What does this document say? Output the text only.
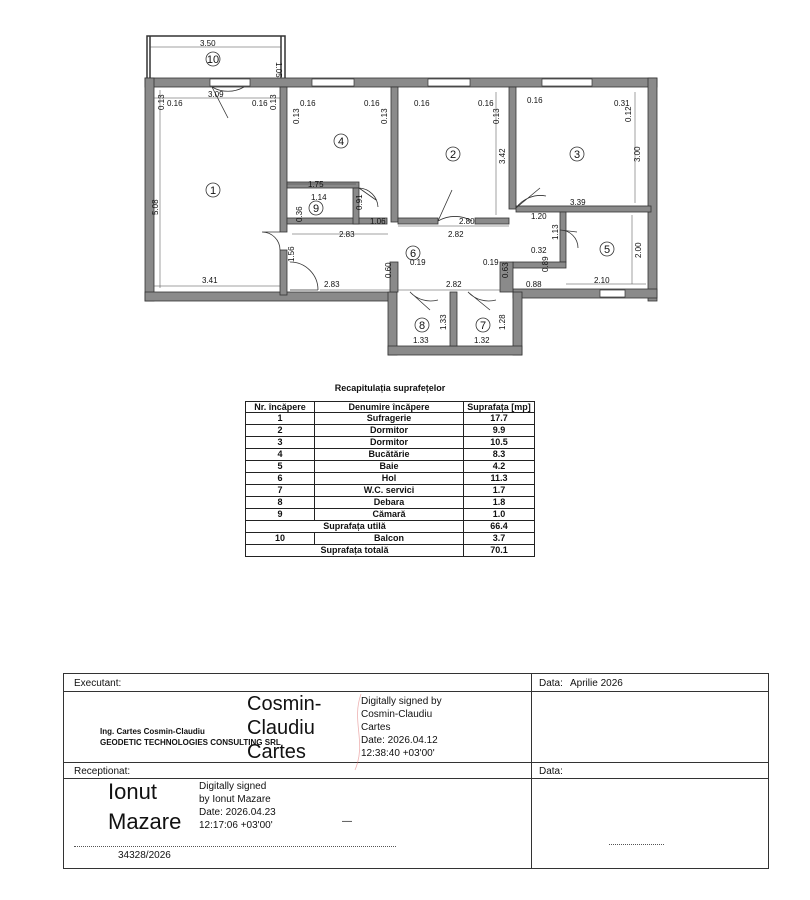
1
2	3
4
5
6
7
8
9
10
3.50
1.05
3.09
0.16	0.16
0.13	0.13	0.16	0.16
0.13	0.13
0.16	0.16
0.13
3.42
0.16	0.31
0.12
3.00
5.08
1.75
1.14	0.91
0.36	1.06
2.83
2.80
2.82
1.20
3.39
1.13
0.32	2.00
1.56
0.89
3.41
0.60 0.19	0.19 0.63
0.88	2.10
2.83	2.82
1.33	1.28
1.33	1.32
Recapitulația suprafețelor
Nr. încăpere	Denumire încăpere	Suprafața [mp]
1	Sufragerie	17.7
2	Dormitor	9.9
3	Dormitor	10.5
4	Bucătărie	8.3
5	Baie	4.2
6	Hol	11.3
7	W.C. servici	1.7
8	Debara	1.8
9	Cămară	1.0
Suprafața utilă		66.4
10	Balcon	3.7
Suprafața totală		70.1
Executant:	Data: Aprilie 2026
Ing. Cartes Cosmin-Claudiu
GEODETIC TECHNOLOGIES CONSULTING SRL
Cosmin-
Claudiu
Cartes
Digitally signed by
Cosmin-Claudiu
Cartes
Date: 2026.04.12
12:38:40 +03'00'
Receptionat:	Data:
Ionut
Mazare
Digitally signed
by Ionut Mazare
Date: 2026.04.23
12:17:06 +03'00'	—
34328/2026
